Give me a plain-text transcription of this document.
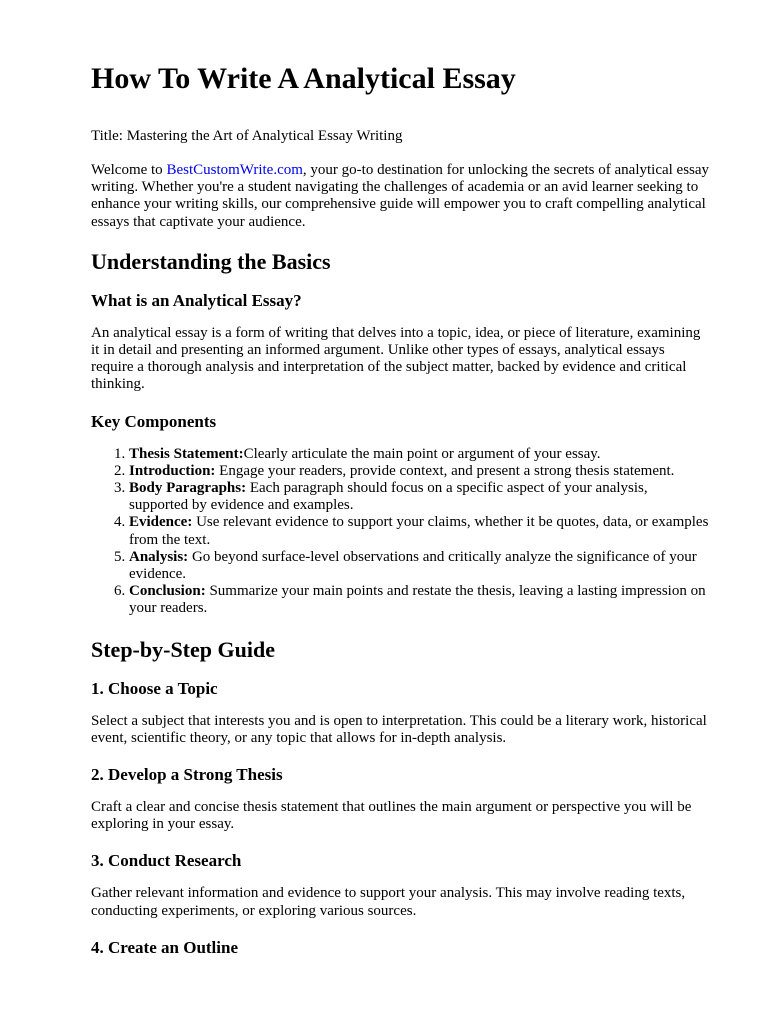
How To Write A Analytical Essay

Title: Mastering the Art of Analytical Essay Writing

Welcome to BestCustomWrite.com, your go-to destination for unlocking the secrets of analytical essay writing. Whether you're a student navigating the challenges of academia or an avid learner seeking to enhance your writing skills, our comprehensive guide will empower you to craft compelling analytical essays that captivate your audience.

Understanding the Basics
What is an Analytical Essay?

An analytical essay is a form of writing that delves into a topic, idea, or piece of literature, examining it in detail and presenting an informed argument. Unlike other types of essays, analytical essays require a thorough analysis and interpretation of the subject matter, backed by evidence and critical thinking.

Key Components
1. Thesis Statement:Clearly articulate the main point or argument of your essay.
2. Introduction: Engage your readers, provide context, and present a strong thesis statement.
3. Body Paragraphs: Each paragraph should focus on a specific aspect of your analysis, supported by evidence and examples.
4. Evidence: Use relevant evidence to support your claims, whether it be quotes, data, or examples from the text.
5. Analysis: Go beyond surface-level observations and critically analyze the significance of your evidence.
6. Conclusion: Summarize your main points and restate the thesis, leaving a lasting impression on your readers.
Step-by-Step Guide
1. Choose a Topic

Select a subject that interests you and is open to interpretation. This could be a literary work, historical event, scientific theory, or any topic that allows for in-depth analysis.

2. Develop a Strong Thesis

Craft a clear and concise thesis statement that outlines the main argument or perspective you will be exploring in your essay.

3. Conduct Research

Gather relevant information and evidence to support your analysis. This may involve reading texts, conducting experiments, or exploring various sources.

4. Create an Outline
